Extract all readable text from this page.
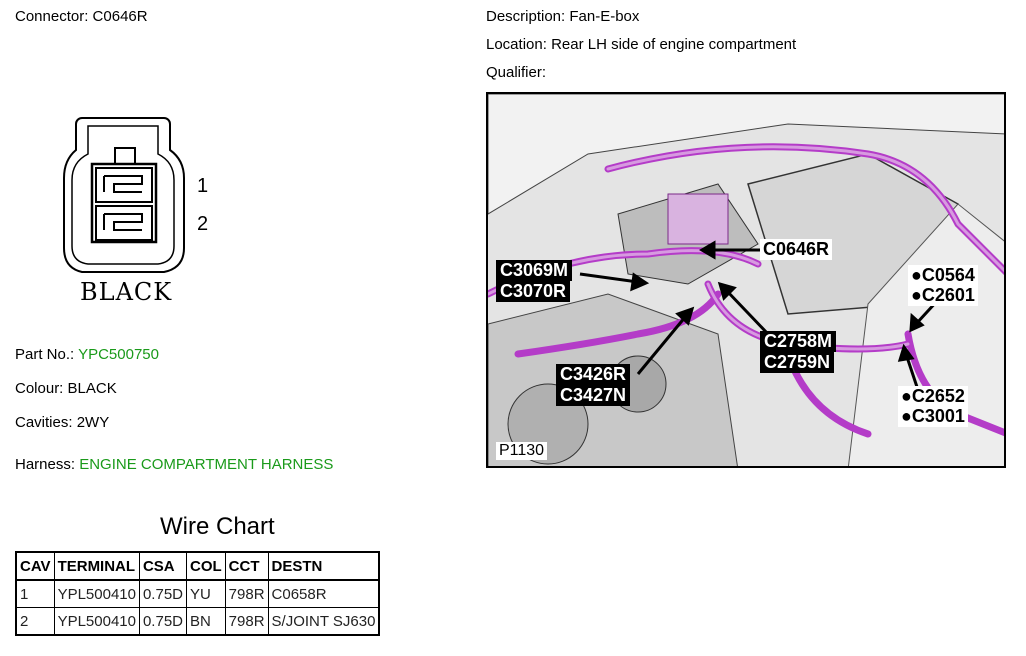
Connector: C0646R	Description: Fan-E-box
Location: Rear LH side of engine compartment
Qualifier:
1
2
BLACK
Part No.: YPC500750
Colour: BLACK
Cavities: 2WY
Harness: ENGINE COMPARTMENT HARNESS
C0646R
C3069M
C3070R
●C0564
●C2601
C2758M
C2759N
C3426R
C3427N	●C2652
●C3001
P1130
Wire Chart
CAV	TERMINAL	CSA	COL	CCT	DESTN
1	YPL500410	0.75D	YU	798R	C0658R
2	YPL500410	0.75D	BN	798R	S/JOINT SJ630
